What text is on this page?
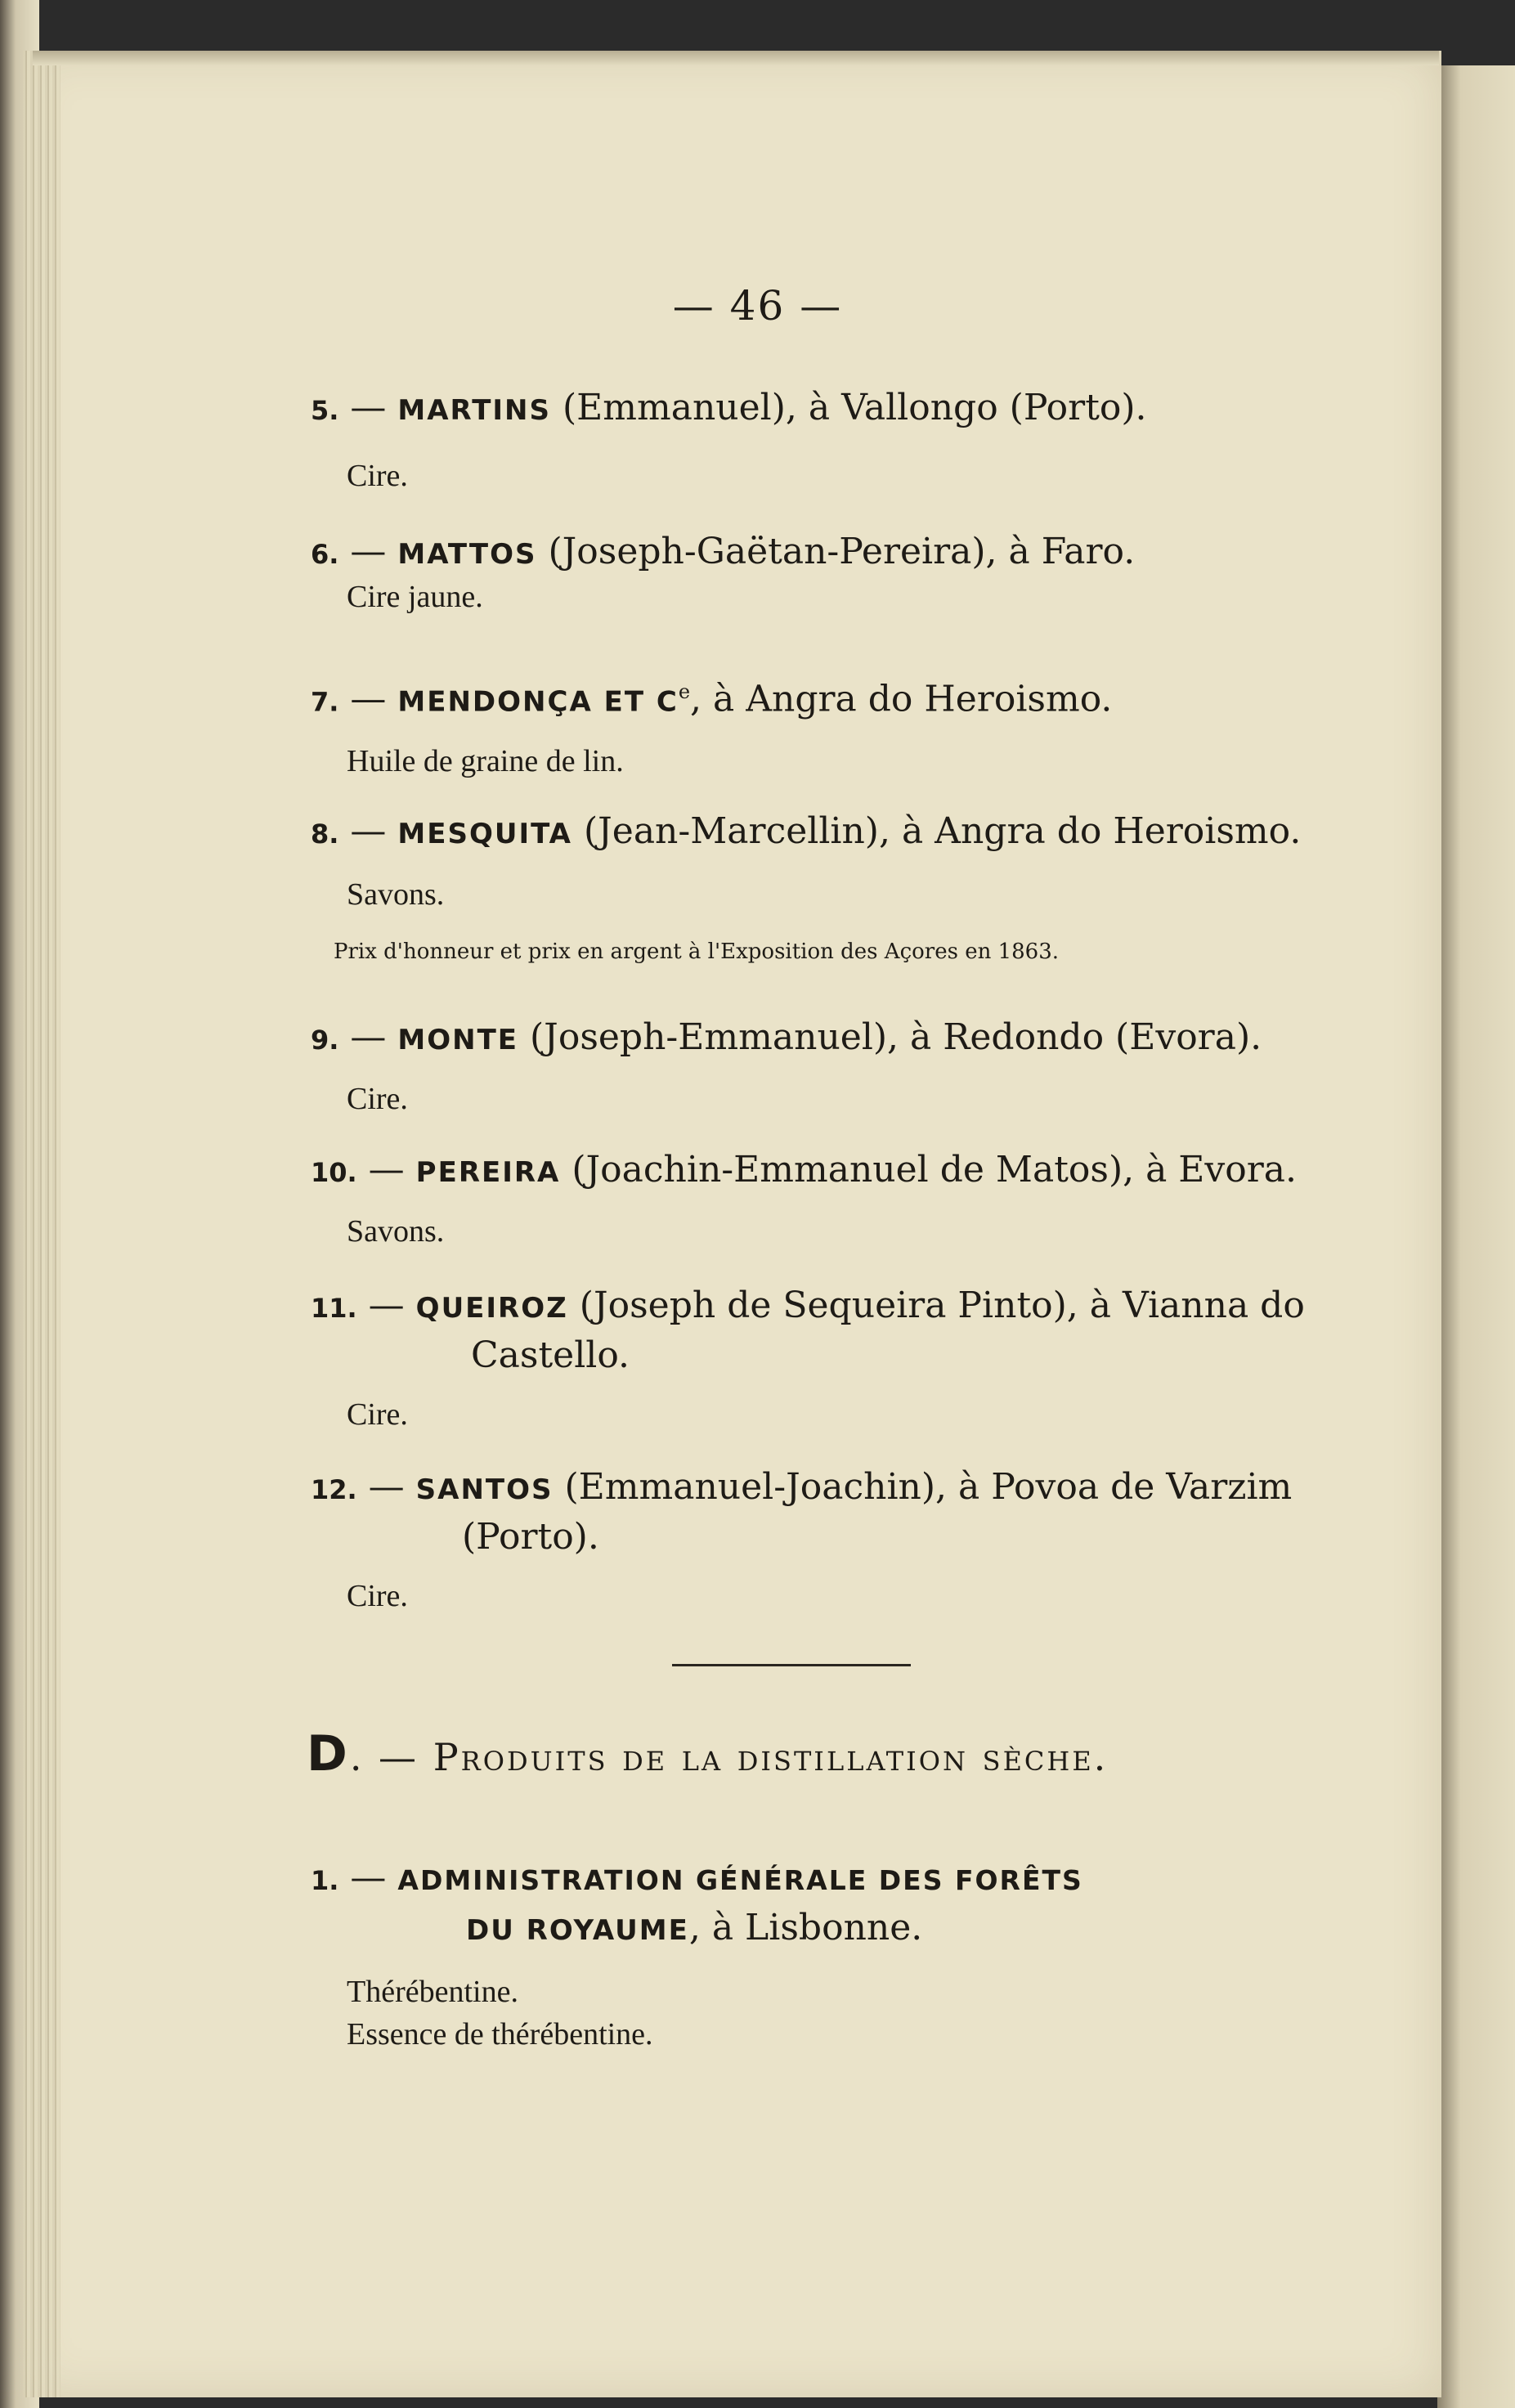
— 46 —
5. — MARTINS (Emmanuel), à Vallongo (Porto).
Cire.
6. — MATTOS (Joseph-Gaëtan-Pereira), à Faro.
Cire jaune.
7. — MENDONÇA ET Ce, à Angra do Heroismo.
Huile de graine de lin.
8. — MESQUITA (Jean-Marcellin), à Angra do Heroismo.
Savons.
Prix d'honneur et prix en argent à l'Exposition des Açores en 1863.
9. — MONTE (Joseph-Emmanuel), à Redondo (Evora).
Cire.
10. — PEREIRA (Joachin-Emmanuel de Matos), à Evora.
Savons.
11. — QUEIROZ (Joseph de Sequeira Pinto), à Vianna do
Castello.
Cire.
12. — SANTOS (Emmanuel-Joachin), à Povoa de Varzim
(Porto).
Cire.
D. — Produits de la distillation sèche.
1. — ADMINISTRATION GÉNÉRALE DES FORÊTS
DU ROYAUME, à Lisbonne.
Thérébentine.
Essence de thérébentine.
